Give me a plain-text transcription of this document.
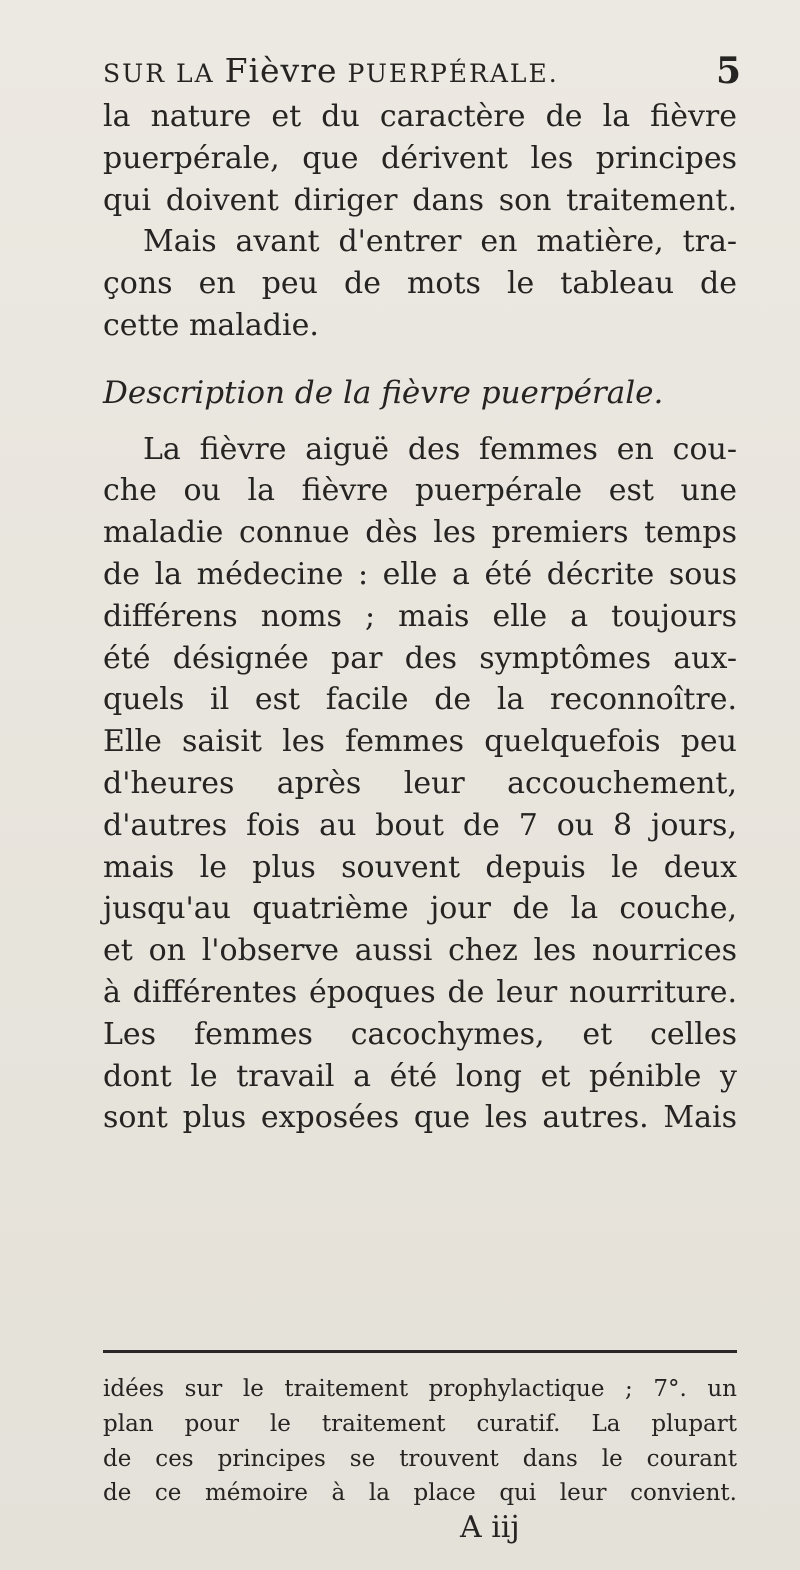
SUR LA Fièvre PUERPÉRALE.	5
la nature et du caractère de la fièvre
puerpérale, que dérivent les principes
qui doivent diriger dans son traitement.
Mais avant d'entrer en matière, tra-
çons en peu de mots le tableau de
cette maladie.
Description de la fièvre puerpérale.
La fièvre aiguë des femmes en cou-
che ou la fièvre puerpérale est une
maladie connue dès les premiers temps
de la médecine : elle a été décrite sous
différens noms ; mais elle a toujours
été désignée par des symptômes aux-
quels il est facile de la reconnoître.
Elle saisit les femmes quelquefois peu
d'heures après leur accouchement,
d'autres fois au bout de 7 ou 8 jours,
mais le plus souvent depuis le deux
jusqu'au quatrième jour de la couche,
et on l'observe aussi chez les nourrices
à différentes époques de leur nourriture.
Les femmes cacochymes, et celles
dont le travail a été long et pénible y
sont plus exposées que les autres. Mais
idées sur le traitement prophylactique ; 7°. un
plan pour le traitement curatif. La plupart
de ces principes se trouvent dans le courant
de ce mémoire à la place qui leur convient.
A iij
